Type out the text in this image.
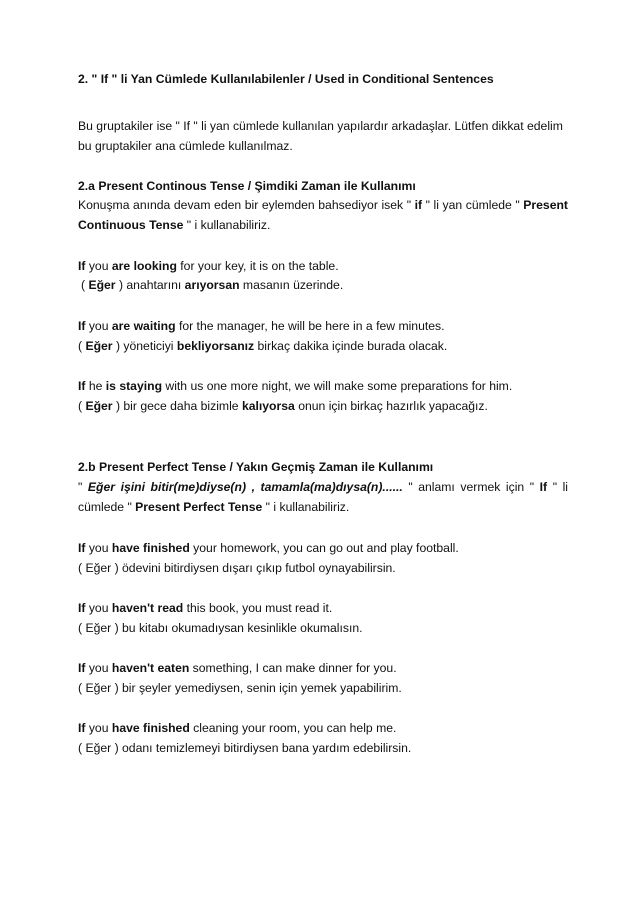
2. " If " li Yan Cümlede Kullanılabilenler / Used in Conditional Sentences
Bu gruptakiler ise " If " li yan cümlede kullanılan yapılardır arkadaşlar. Lütfen dikkat edelim
bu gruptakiler ana cümlede kullanılmaz.
2.a Present Continous Tense / Şimdiki Zaman ile Kullanımı
Konuşma anında devam eden bir eylemden bahsediyor isek " if " li yan cümlede " Present
Continuous Tense " i kullanabiliriz.
If you are looking for your key, it is on the table.
( Eğer ) anahtarını arıyorsan masanın üzerinde.
If you are waiting for the manager, he will be here in a few minutes.
( Eğer ) yöneticiyi bekliyorsanız birkaç dakika içinde burada olacak.
If he is staying with us one more night, we will make some preparations for him.
( Eğer ) bir gece daha bizimle kalıyorsa onun için birkaç hazırlık yapacağız.
2.b Present Perfect Tense / Yakın Geçmiş Zaman ile Kullanımı
" Eğer işini bitir(me)diyse(n) , tamamla(ma)dıysa(n)...... " anlamı vermek için " If " li
cümlede " Present Perfect Tense " i kullanabiliriz.
If you have finished your homework, you can go out and play football.
( Eğer ) ödevini bitirdiysen dışarı çıkıp futbol oynayabilirsin.
If you haven't read this book, you must read it.
( Eğer ) bu kitabı okumadıysan kesinlikle okumalısın.
If you haven't eaten something, I can make dinner for you.
( Eğer ) bir şeyler yemediysen, senin için yemek yapabilirim.
If you have finished cleaning your room, you can help me.
( Eğer ) odanı temizlemeyi bitirdiysen bana yardım edebilirsin.
